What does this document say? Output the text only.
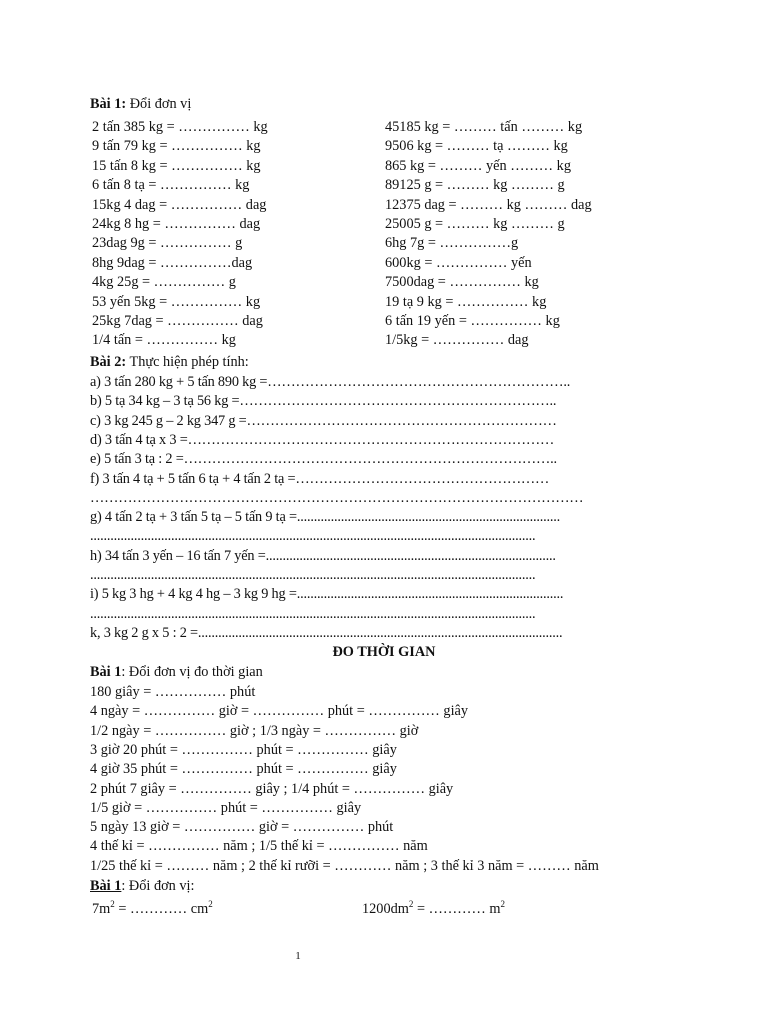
Bài 1: Đổi đơn vị
2 tấn 385 kg = …………… kg	45185 kg = ……… tấn ……… kg
9 tấn 79 kg = …………… kg	9506 kg = ……… tạ ……… kg
15 tấn 8 kg = …………… kg	865 kg = ……… yến ……… kg
6 tấn 8 tạ = …………… kg	89125 g = ……… kg ……… g
15kg 4 dag = …………… dag	12375 dag = ……… kg ……… dag
24kg 8 hg = …………… dag	25005 g = ……… kg ……… g
23dag 9g = …………… g	6hg 7g = ……………g
8hg 9dag = ……………dag	600kg = …………… yến
4kg 25g = …………… g	7500dag = …………… kg
53 yến 5kg = …………… kg	19 tạ 9 kg = …………… kg
25kg 7dag = …………… dag	6 tấn 19 yến = …………… kg
1/4 tấn = …………… kg	1/5kg = …………… dag
Bài 2: Thực hiện phép tính:
a) 3 tấn 280 kg + 5 tấn 890 kg =………………………………………………………..
b) 5 tạ 34 kg – 3 tạ 56 kg =…………………………………………………………..
c) 3 kg 245 g – 2 kg 347 g =…………………………………………………………
d) 3 tấn 4 tạ x 3 =……………………………………………………………………
e) 5 tấn 3 tạ : 2 =……………………………………………………………………..
f) 3 tấn 4 tạ + 5 tấn 6 tạ + 4 tấn 2 tạ =………………………………………………
……………………………………………………………………………………………
g) 4 tấn 2 tạ + 3 tấn 5 tạ – 5 tấn 9 tạ =..............................................................................
....................................................................................................................................
h) 34 tấn 3 yến – 16 tấn 7 yến =......................................................................................
....................................................................................................................................
i) 5 kg 3 hg + 4 kg 4 hg – 3 kg 9 hg =...............................................................................
....................................................................................................................................
k, 3 kg 2 g x 5 : 2 =............................................................................................................
ĐO THỜI GIAN
Bài 1: Đổi đơn vị đo thời gian
180 giây = …………… phút
4 ngày = …………… giờ = …………… phút = …………… giây
1/2 ngày = …………… giờ ; 1/3 ngày = …………… giờ
3 giờ 20 phút = …………… phút = …………… giây
4 giờ 35 phút = …………… phút = …………… giây
2 phút 7 giây = …………… giây ; 1/4 phút = …………… giây
1/5 giờ = …………… phút = …………… giây
5 ngày 13 giờ = …………… giờ = …………… phút
4 thế kỉ = …………… năm ; 1/5 thế kỉ = …………… năm
1/25 thế kỉ = ……… năm ; 2 thế kỉ rưỡi = ………… năm ; 3 thế kỉ 3 năm = ……… năm
Bài 1: Đổi đơn vị:
$7m^2$ = ………… $cm^2$	$1200dm^2$ = ………… $m^2$
1
